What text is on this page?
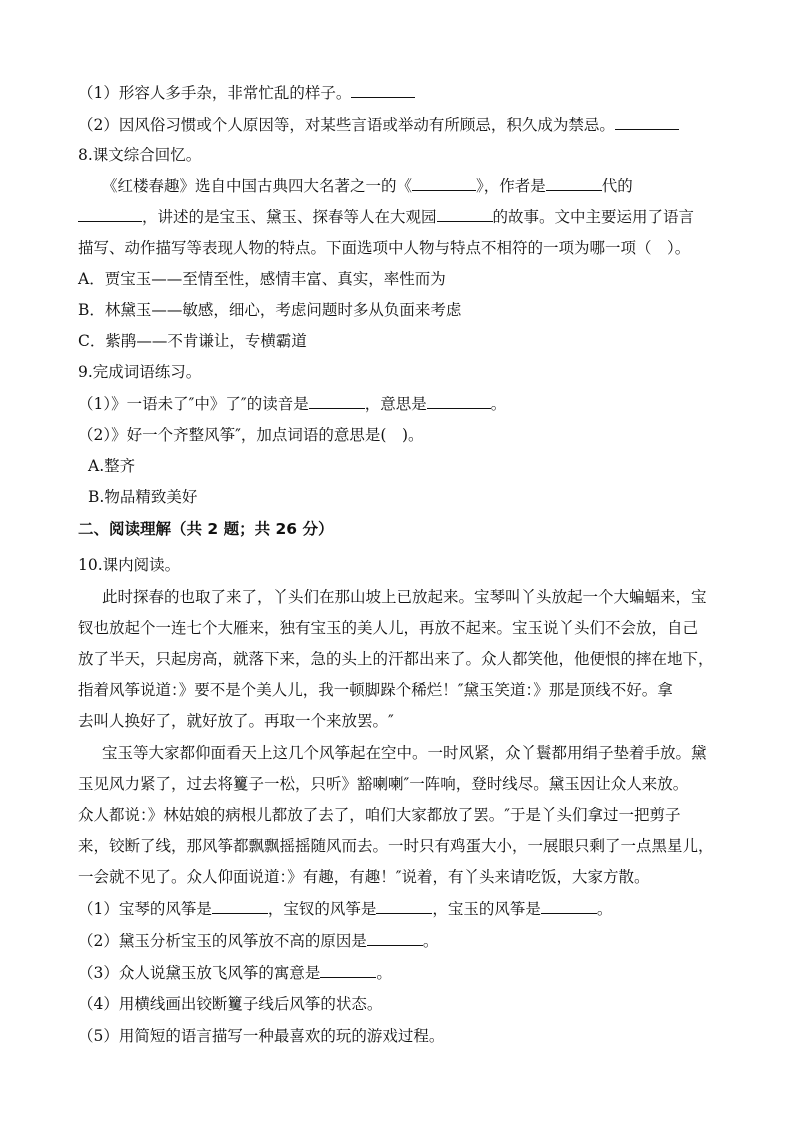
（1）形容人多手杂，非常忙乱的样子。
（2）因风俗习惯或个人原因等，对某些言语或举动有所顾忌，积久成为禁忌。
8.课文综合回忆。
《红楼春趣》选自中国古典四大名著之一的《	》，作者是	代的
，讲述的是宝玉、黛玉、探春等人在大观园	的故事。文中主要运用了语言
描写、动作描写等表现人物的特点。下面选项中人物与特点不相符的一项为哪一项（　）。
A．贾宝玉——至情至性，感情丰富、真实，率性而为
B．林黛玉——敏感，细心，考虑问题时多从负面来考虑
C．紫鹃——不肯谦让，专横霸道
9.完成词语练习。
（1）》一语未了″中》了″的读音是	，意思是	。
（2）》好一个齐整风筝″，加点词语的意思是(　)。
A.整齐
B.物品精致美好
二、阅读理解（共 2 题；共 26 分）
10.课内阅读。
此时探春的也取了来了，丫头们在那山坡上已放起来。宝琴叫丫头放起一个大蝙蝠来，宝
钗也放起个一连七个大雁来，独有宝玉的美人儿，再放不起来。宝玉说丫头们不会放，自己
放了半天，只起房高，就落下来，急的头上的汗都出来了。众人都笑他，他便恨的摔在地下，
指着风筝说道：》要不是个美人儿，我一顿脚跺个稀烂！″黛玉笑道：》那是顶线不好。拿
去叫人换好了，就好放了。再取一个来放罢。″
宝玉等大家都仰面看天上这几个风筝起在空中。一时风紧，众丫鬟都用绢子垫着手放。黛
玉见风力紧了，过去将籰子一松，只听》豁喇喇″一阵响，登时线尽。黛玉因让众人来放。
众人都说：》林姑娘的病根儿都放了去了，咱们大家都放了罢。″于是丫头们拿过一把剪子
来，铰断了线，那风筝都飘飘摇摇随风而去。一时只有鸡蛋大小，一展眼只剩了一点黑星儿，
一会就不见了。众人仰面说道：》有趣，有趣！″说着，有丫头来请吃饭，大家方散。
（1）宝琴的风筝是	，宝钗的风筝是	，宝玉的风筝是	。
（2）黛玉分析宝玉的风筝放不高的原因是	。
（3）众人说黛玉放飞风筝的寓意是	。
（4）用横线画出铰断籰子线后风筝的状态。
（5）用简短的语言描写一种最喜欢的玩的游戏过程。
